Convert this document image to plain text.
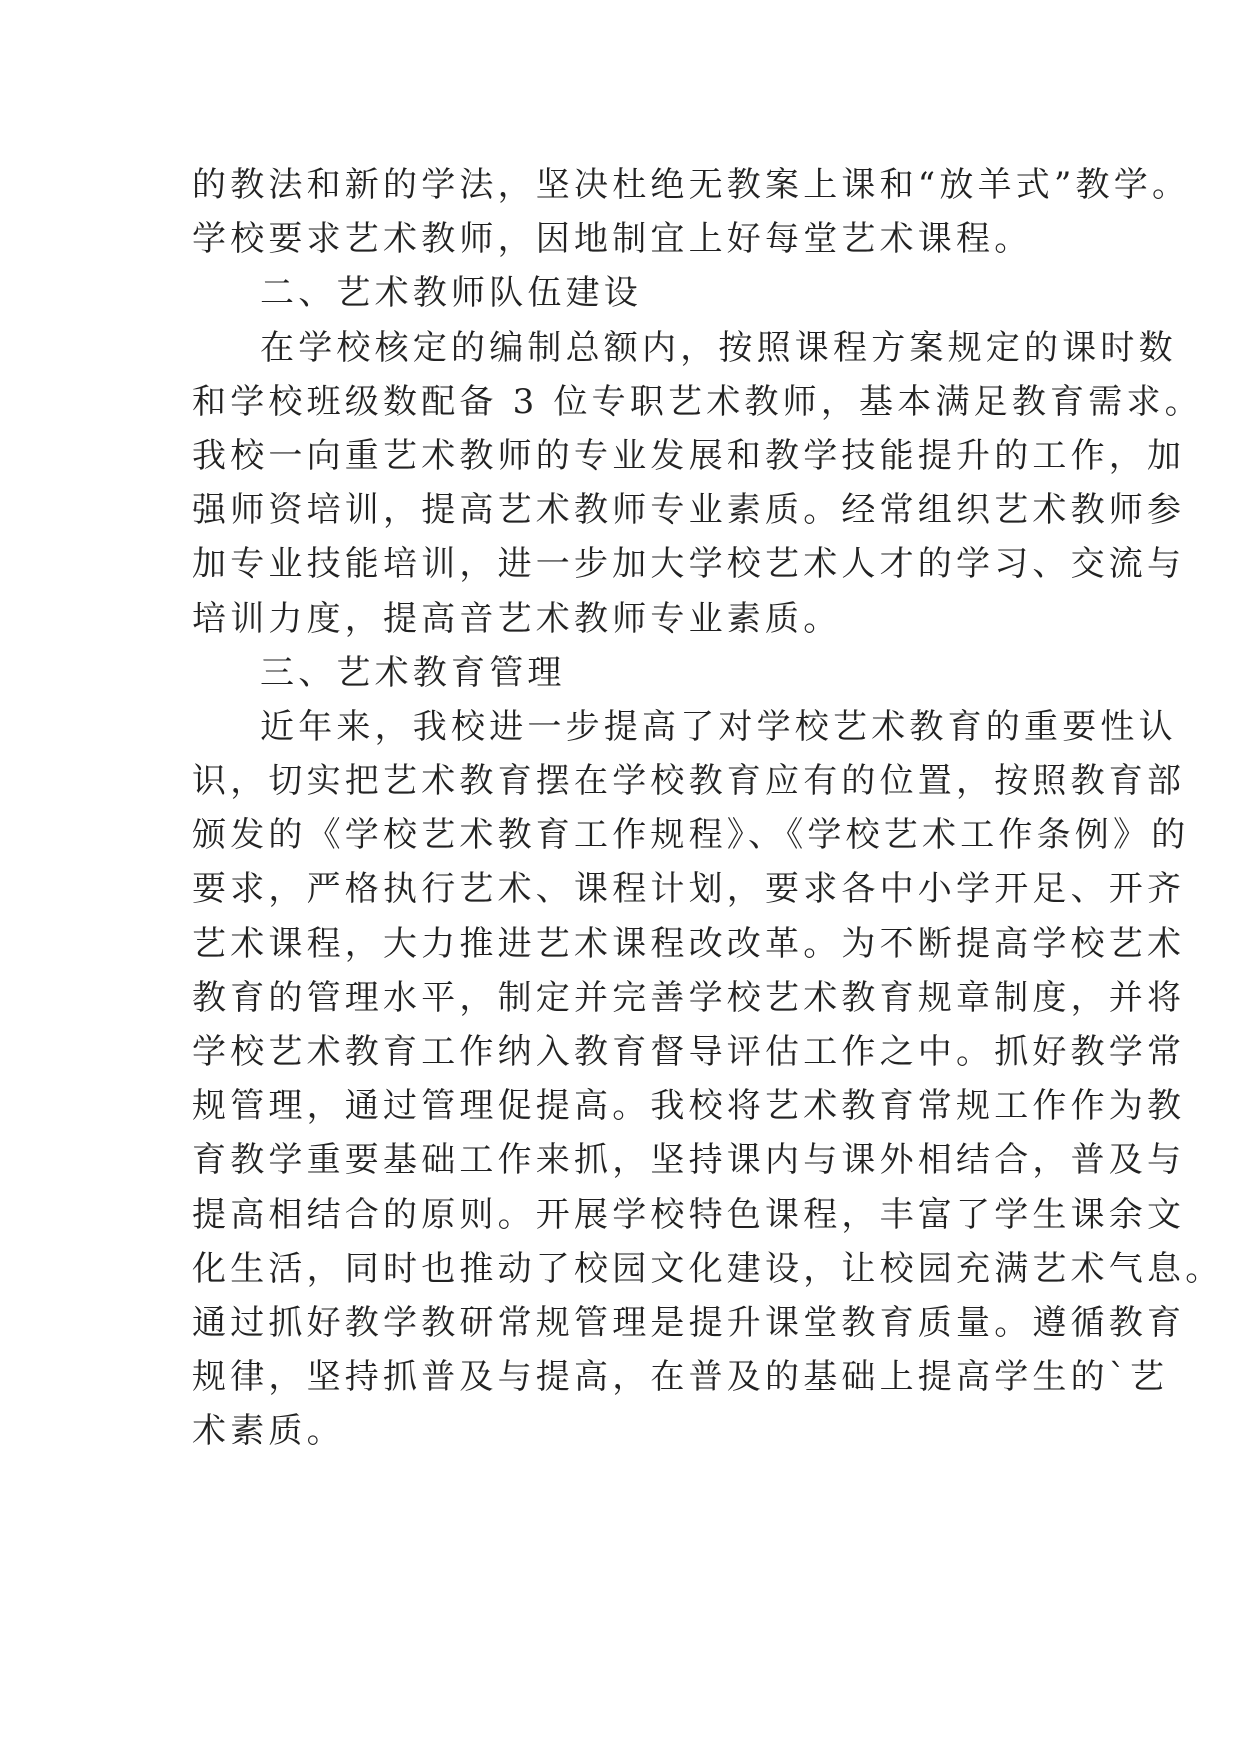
的教法和新的学法，坚决杜绝无教案上课和“放羊式”教学。
学校要求艺术教师，因地制宜上好每堂艺术课程。
二、艺术教师队伍建设
在学校核定的编制总额内，按照课程方案规定的课时数
和学校班级数配备 3 位专职艺术教师，基本满足教育需求。
我校一向重艺术教师的专业发展和教学技能提升的工作，加
强师资培训，提高艺术教师专业素质。经常组织艺术教师参
加专业技能培训，进一步加大学校艺术人才的学习、交流与
培训力度，提高音艺术教师专业素质。
三、艺术教育管理
近年来，我校进一步提高了对学校艺术教育的重要性认
识，切实把艺术教育摆在学校教育应有的位置，按照教育部
颁发的《学校艺术教育工作规程》、《学校艺术工作条例》的
要求，严格执行艺术、课程计划，要求各中小学开足、开齐
艺术课程，大力推进艺术课程改改革。为不断提高学校艺术
教育的管理水平，制定并完善学校艺术教育规章制度，并将
学校艺术教育工作纳入教育督导评估工作之中。抓好教学常
规管理，通过管理促提高。我校将艺术教育常规工作作为教
育教学重要基础工作来抓，坚持课内与课外相结合，普及与
提高相结合的原则。开展学校特色课程，丰富了学生课余文
化生活，同时也推动了校园文化建设，让校园充满艺术气息。
通过抓好教学教研常规管理是提升课堂教育质量。遵循教育
规律，坚持抓普及与提高，在普及的基础上提高学生的`艺
术素质。
